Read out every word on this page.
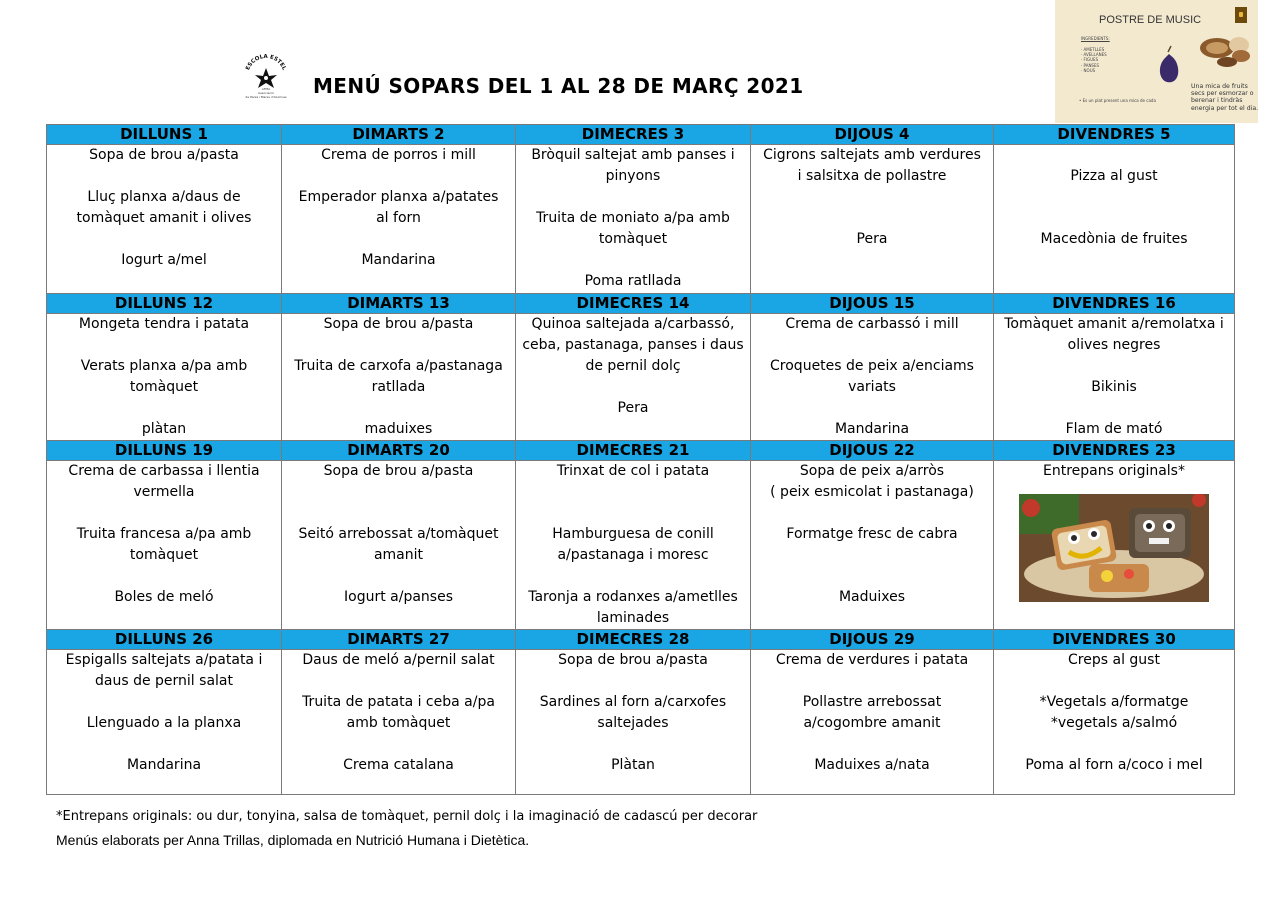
ESCOLA ESTEL
AFMA
Associació
de Pares i Mares d'Alumnes MENÚ SOPARS DEL 1 AL 28 DE MARÇ 2021
POSTRE DE MUSIC
INGREDIENTS:
· AMETLLES
· AVELLANES
· FIGUES
· PANSES
· NOUS
• Es un plat present una mica de cada
Una mica de fruits secs per esmorzar o berenar i tindràs energia per tot el dia.
DILLUNS 1	DIMARTS 2	DIMECRES 3	DIJOUS 4	DIVENDRES 5

Sopa de brou a/pasta
Lluç planxa a/daus de
tomàquet amanit i olives
Iogurt a/mel	Crema de porros i mill
Emperador planxa a/patates
al forn
Mandarina	Bròquil saltejat amb panses i
pinyons
Truita de moniato a/pa amb
tomàquet
Poma ratllada	Cigrons saltejats amb verdures
i salsitxa de pollastre
Pera	Pizza al gust
Macedònia de fruites

DILLUNS 12	DIMARTS 13	DIMECRES 14	DIJOUS 15	DIVENDRES 16

Mongeta tendra i patata
Verats planxa a/pa amb
tomàquet
plàtan	Sopa de brou a/pasta
Truita de carxofa a/pastanaga
ratllada
maduixes	Quinoa saltejada a/carbassó,
ceba, pastanaga, panses i daus
de pernil dolç
Pera	Crema de carbassó i mill
Croquetes de peix a/enciams
variats
Mandarina	Tomàquet amanit a/remolatxa i
olives negres
Bikinis
Flam de mató

DILLUNS 19	DIMARTS 20	DIMECRES 21	DIJOUS 22	DIVENDRES 23

Crema de carbassa i llentia
vermella
Truita francesa a/pa amb
tomàquet
Boles de meló	Sopa de brou a/pasta
Seitó arrebossat a/tomàquet
amanit
Iogurt a/panses	Trinxat de col i patata
Hamburguesa de conill
a/pastanaga i moresc
Taronja a rodanxes a/ametlles
laminades	Sopa de peix a/arròs
( peix esmicolat i pastanaga)
Formatge fresc de cabra
Maduixes	Entrepans originals*

DILLUNS 26	DIMARTS 27	DIMECRES 28	DIJOUS 29	DIVENDRES 30

Espigalls saltejats a/patata i
daus de pernil salat
Llenguado a la planxa
Mandarina	Daus de meló a/pernil salat
Truita de patata i ceba a/pa
amb tomàquet
Crema catalana	Sopa de brou a/pasta
Sardines al forn a/carxofes
saltejades
Plàtan	Crema de verdures i patata
Pollastre arrebossat
a/cogombre amanit
Maduixes a/nata	Creps al gust
*Vegetals a/formatge
*vegetals a/salmó
Poma al forn a/coco i mel
*Entrepans originals: ou dur, tonyina, salsa de tomàquet, pernil dolç i la imaginació de cadascú per decorar
Menús elaborats per Anna Trillas, diplomada en Nutrició Humana i Dietètica.
